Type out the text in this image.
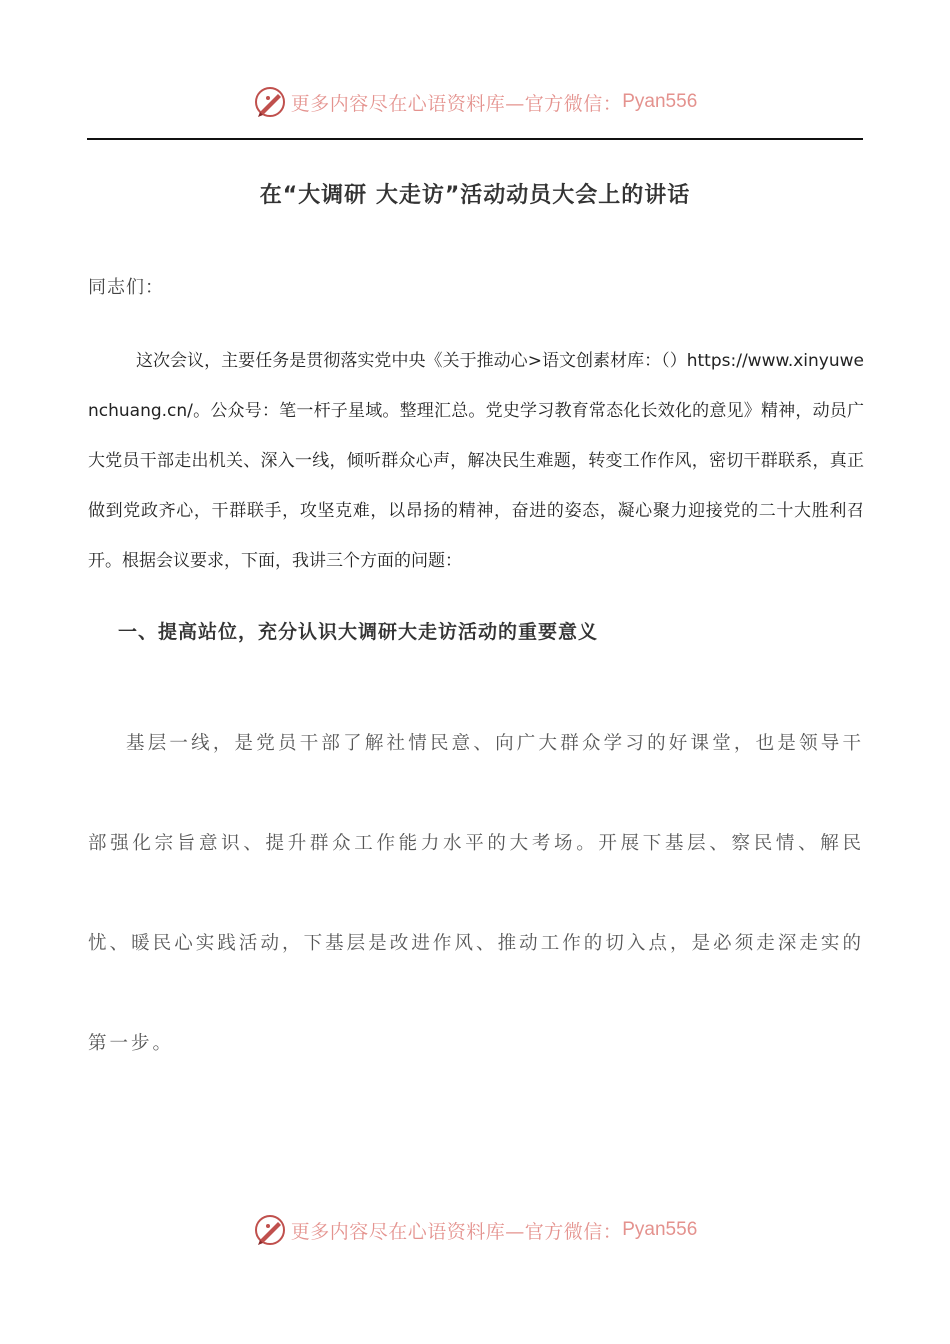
更多内容尽在心语资料库—官方微信： Pyan556
在“大调研 大走访”活动动员大会上的讲话
同志们：
这次会议，主要任务是贯彻落实党中央《关于推动心>语文创素材库：（）https://www.xinyuwenchuang.cn/。公众号：笔一杆子星域。整理汇总。党史学习教育常态化长效化的意见》精神，动员广大党员干部走出机关、深入一线，倾听群众心声，解决民生难题，转变工作作风，密切干群联系，真正做到党政齐心，干群联手，攻坚克难，以昂扬的精神，奋进的姿态，凝心聚力迎接党的二十大胜利召开。根据会议要求，下面，我讲三个方面的问题：
一、提高站位，充分认识大调研大走访活动的重要意义
基层一线，是党员干部了解社情民意、向广大群众学习的好课堂，也是领导干部强化宗旨意识、提升群众工作能力水平的大考场。开展下基层、察民情、解民忧、暖民心实践活动，下基层是改进作风、推动工作的切入点，是必须走深走实的第一步。
更多内容尽在心语资料库—官方微信： Pyan556
